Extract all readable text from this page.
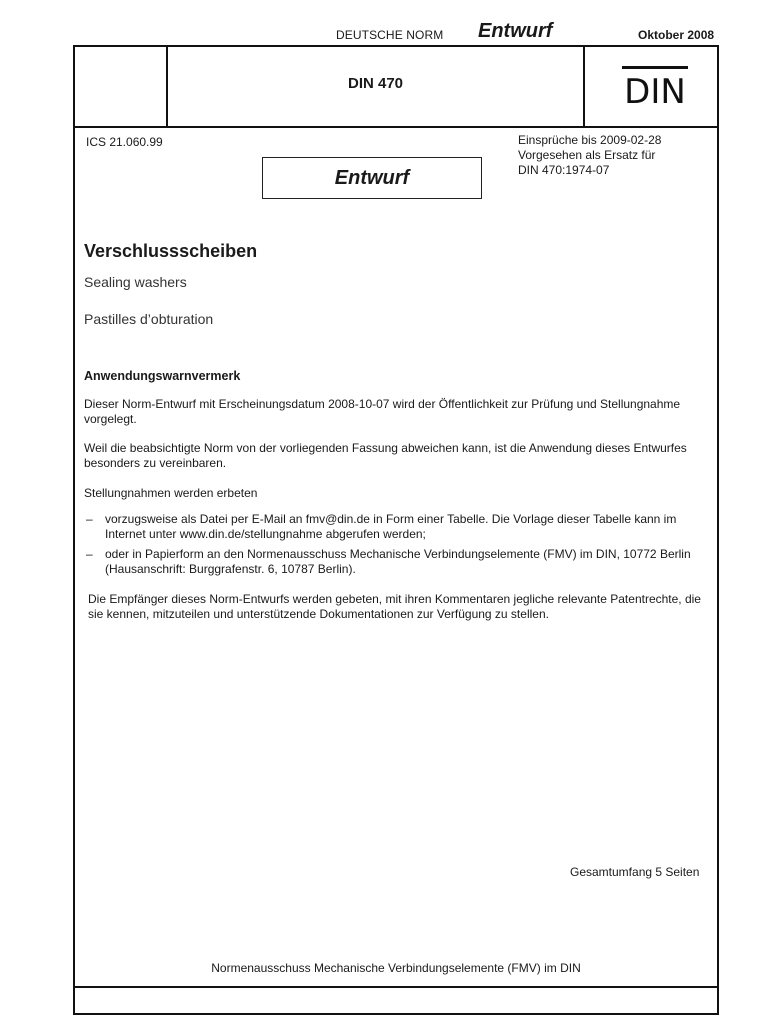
DEUTSCHE NORM Entwurf	Oktober 2008
DIN 470	DIN
ICS 21.060.99	Einsprüche bis 2009-02-28
Vorgesehen als Ersatz für
DIN 470:1974-07
Entwurf
Verschlussscheiben
Sealing washers
Pastilles d’obturation
Anwendungswarnvermerk
Dieser Norm-Entwurf mit Erscheinungsdatum 2008-10-07 wird der Öffentlichkeit zur Prüfung und Stellungnahme vorgelegt.
Weil die beabsichtigte Norm von der vorliegenden Fassung abweichen kann, ist die Anwendung dieses Entwurfes besonders zu vereinbaren.
Stellungnahmen werden erbeten
–	vorzugsweise als Datei per E-Mail an fmv@din.de in Form einer Tabelle. Die Vorlage dieser Tabelle kann im Internet unter www.din.de/stellungnahme abgerufen werden;
–	oder in Papierform an den Normenausschuss Mechanische Verbindungselemente (FMV) im DIN, 10772 Berlin (Hausanschrift: Burggrafenstr. 6, 10787 Berlin).
Die Empfänger dieses Norm-Entwurfs werden gebeten, mit ihren Kommentaren jegliche relevante Patentrechte, die sie kennen, mitzuteilen und unterstützende Dokumentationen zur Verfügung zu stellen.
Gesamtumfang 5 Seiten
Normenausschuss Mechanische Verbindungselemente (FMV) im DIN
